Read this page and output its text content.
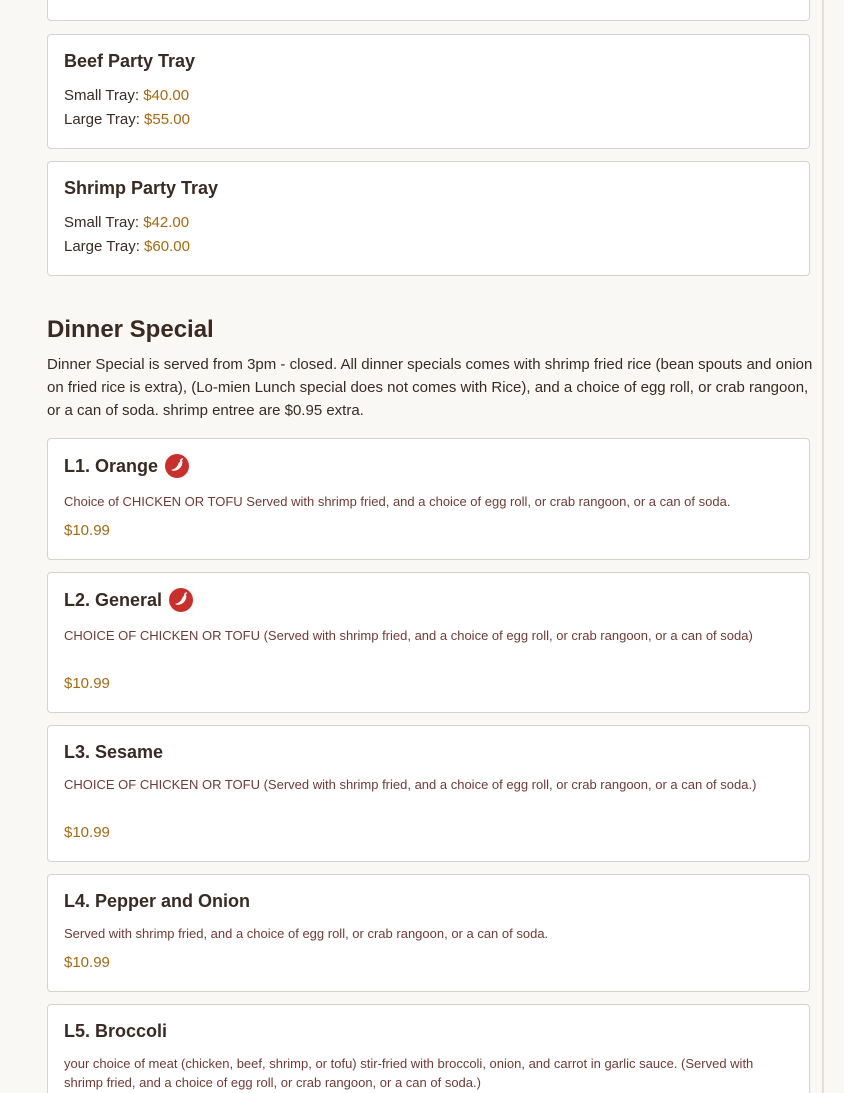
Beef Party Tray
Small Tray: $40.00
Large Tray: $55.00
Shrimp Party Tray
Small Tray: $42.00
Large Tray: $60.00
Dinner Special
Dinner Special is served from 3pm - closed. All dinner specials comes with shrimp fried rice (bean spouts and onion on fried rice is extra), (Lo-mien Lunch special does not comes with Rice), and a choice of egg roll, or crab rangoon, or a can of soda. shrimp entree are $0.95 extra.
L1. Orange
Choice of CHICKEN OR TOFU Served with shrimp fried, and a choice of egg roll, or crab rangoon, or a can of soda.
$10.99
L2. General
CHOICE OF CHICKEN OR TOFU (Served with shrimp fried, and a choice of egg roll, or crab rangoon, or a can of soda)
$10.99
L3. Sesame
CHOICE OF CHICKEN OR TOFU (Served with shrimp fried, and a choice of egg roll, or crab rangoon, or a can of soda.)
$10.99
L4. Pepper and Onion
Served with shrimp fried, and a choice of egg roll, or crab rangoon, or a can of soda.
$10.99
L5. Broccoli
your choice of meat (chicken, beef, shrimp, or tofu) stir-fried with broccoli, onion, and carrot in garlic sauce. (Served with shrimp fried, and a choice of egg roll, or crab rangoon, or a can of soda.)
